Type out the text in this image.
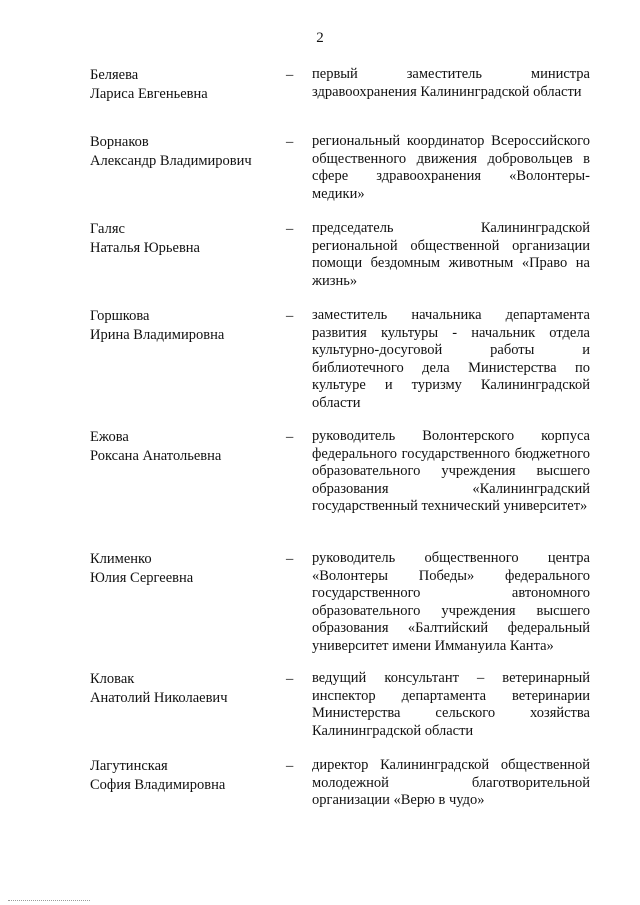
2
Беляева
Лариса Евгеньевна
– первый заместитель министра здравоохранения Калининградской области
Ворнаков
Александр Владимирович
– региональный координатор Всероссийского общественного движения добровольцев в сфере здравоохранения «Волонтеры-медики»
Галяс
Наталья Юрьевна
– председатель Калининградской региональной общественной организации помощи бездомным животным «Право на жизнь»
Горшкова
Ирина Владимировна
– заместитель начальника департамента развития культуры - начальник отдела культурно-досуговой работы и библиотечного дела Министерства по культуре и туризму Калининградской области
Ежова
Роксана Анатольевна
– руководитель Волонтерского корпуса федерального государственного бюджетного образовательного учреждения высшего образования «Калининградский государственный технический университет»
Клименко
Юлия Сергеевна
– руководитель общественного центра «Волонтеры Победы» федерального государственного автономного образовательного учреждения высшего образования «Балтийский федеральный университет имени Иммануила Канта»
Кловак
Анатолий Николаевич
– ведущий консультант – ветеринарный инспектор департамента ветеринарии Министерства сельского хозяйства Калининградской области
Лагутинская
София Владимировна
– директор Калининградской общественной молодежной благотворительной организации «Верю в чудо»
